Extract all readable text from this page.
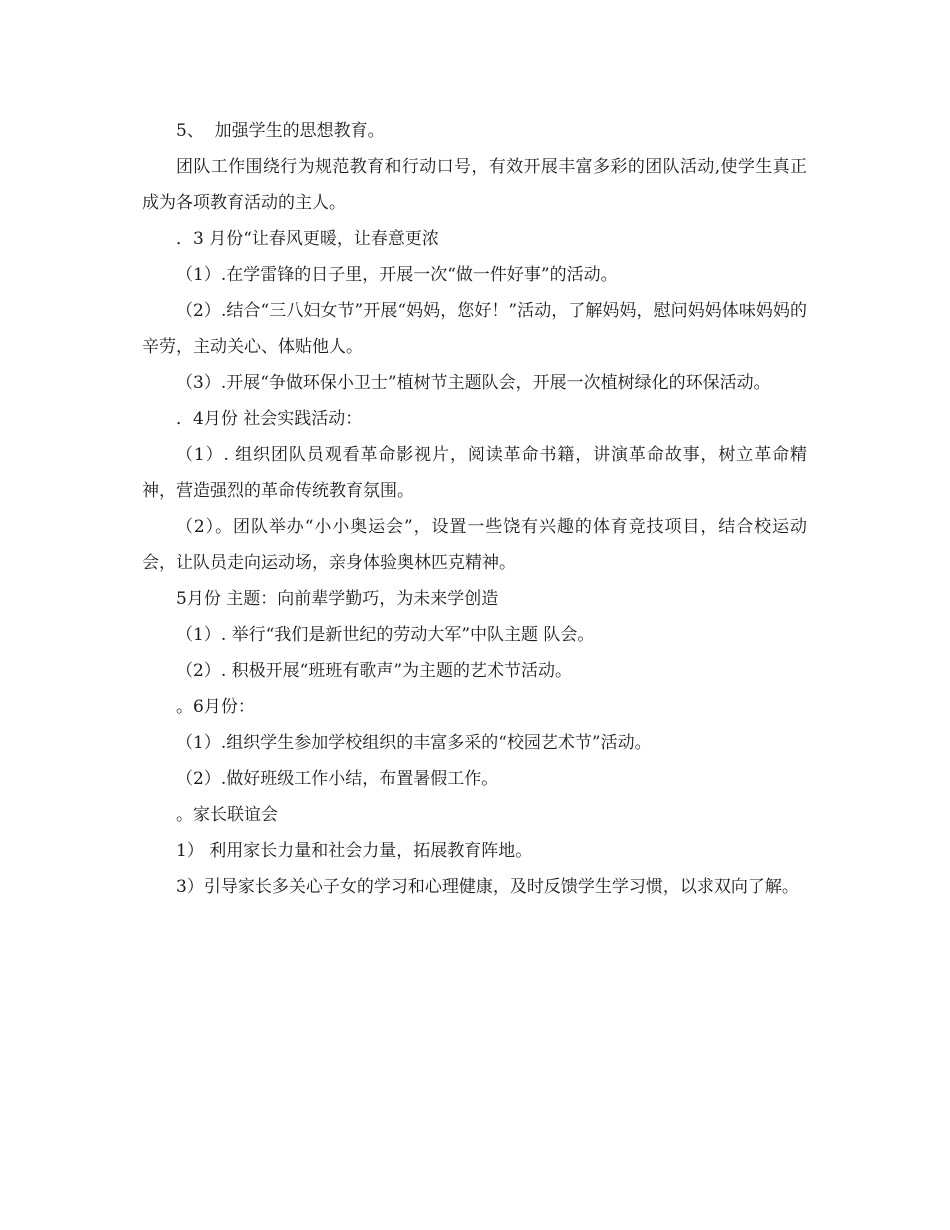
5、  加强学生的思想教育。

团队工作围绕行为规范教育和行动口号，有效开展丰富多彩的团队活动,使学生真正成为各项教育活动的主人。

．3 月份“让春风更暖，让春意更浓

（1）.在学雷锋的日子里，开展一次“做一件好事”的活动。

（2）.结合“三八妇女节”开展“妈妈，您好！”活动，了解妈妈，慰问妈妈体味妈妈的辛劳，主动关心、体贴他人。

（3）.开展“争做环保小卫士”植树节主题队会，开展一次植树绿化的环保活动。

．4月份 社会实践活动：

（1）. 组织团队员观看革命影视片，阅读革命书籍，讲演革命故事，树立革命精神，营造强烈的革命传统教育氛围。

（2）。团队举办“小小奥运会”，设置一些饶有兴趣的体育竞技项目，结合校运动会，让队员走向运动场，亲身体验奥林匹克精神。

5月份 主题：向前辈学勤巧，为未来学创造

（1）. 举行“我们是新世纪的劳动大军”中队主题 队会。

（2）. 积极开展“班班有歌声”为主题的艺术节活动。

。6月份：

（1）.组织学生参加学校组织的丰富多采的“校园艺术节”活动。

（2）.做好班级工作小结，布置暑假工作。

。家长联谊会

1） 利用家长力量和社会力量，拓展教育阵地。

3）引导家长多关心子女的学习和心理健康，及时反馈学生学习惯，以求双向了解。
